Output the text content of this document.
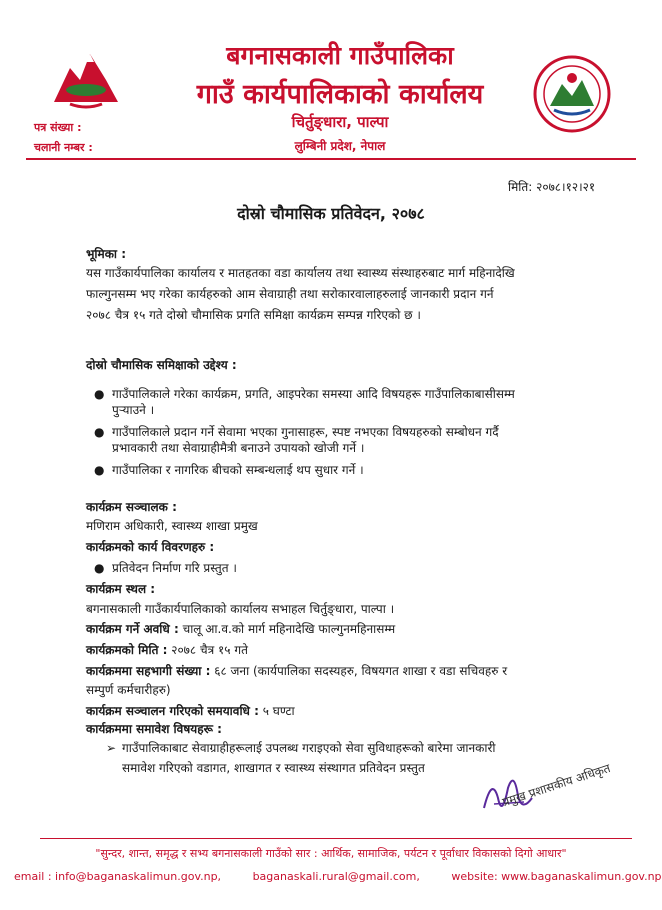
बगनासकाली गाउँपालिका
गाउँ कार्यपालिकाको कार्यालय
चिर्तुङ्धारा, पाल्पा
लुम्बिनी प्रदेश, नेपाल
पत्र संख्या :
चलानी नम्बर :
मिति: २०७८।१२।२१
दोस्रो चौमासिक प्रतिवेदन, २०७८
भूमिका :
यस गाउँकार्यपालिका कार्यालय र मातहतका वडा कार्यालय तथा स्वास्थ्य संस्थाहरुबाट मार्ग महिनादेखि
फाल्गुनसम्म भए गरेका कार्यहरुको आम सेवाग्राही तथा सरोकारवालाहरुलाई जानकारी प्रदान गर्न
२०७८ चैत्र १५ गते दोस्रो चौमासिक प्रगति समिक्षा कार्यक्रम सम्पन्न गरिएको छ ।
दोस्रो चौमासिक समिक्षाको उद्देश्य :
● गाउँपालिकाले गरेका कार्यक्रम, प्रगति, आइपरेका समस्या आदि विषयहरू गाउँपालिकाबासीसम्म
पुऱ्याउने ।
● गाउँपालिकाले प्रदान गर्ने सेवामा भएका गुनासाहरू, स्पष्ट नभएका विषयहरुको सम्बोधन गर्दै
प्रभावकारी तथा सेवाग्राहीमैत्री बनाउने उपायको खोजी गर्ने ।
● गाउँपालिका र नागरिक बीचको सम्बन्धलाई थप सुधार गर्ने ।
कार्यक्रम सञ्चालक :
मणिराम अधिकारी, स्वास्थ्य शाखा प्रमुख
कार्यक्रमको कार्य विवरणहरु :
● प्रतिवेदन निर्माण गरि प्रस्तुत ।
कार्यक्रम स्थल :
बगनासकाली गाउँकार्यपालिकाको कार्यालय सभाहल चिर्तुङ्धारा, पाल्पा ।
कार्यक्रम गर्ने अवधि : चालू आ.व.को मार्ग महिनादेखि फाल्गुनमहिनासम्म
कार्यक्रमको मिति : २०७८ चैत्र १५ गते
कार्यक्रममा सहभागी संख्या : ६८ जना (कार्यपालिका सदस्यहरु, विषयगत शाखा र वडा सचिवहरु र
सम्पुर्ण कर्मचारीहरु)
कार्यक्रम सञ्चालन गरिएको समयावधि : ५ घण्टा
कार्यक्रममा समावेश विषयहरू :
➢ गाउँपालिकाबाट सेवाग्राहीहरूलाई उपलब्ध गराइएको सेवा सुविधाहरूको बारेमा जानकारी
समावेश गरिएको वडागत, शाखागत र स्वास्थ्य संस्थागत प्रतिवेदन प्रस्तुत	प्रमुख प्रशासकीय अधिकृत
"सुन्दर, शान्त, समृद्ध र सभ्य बगनासकाली गाउँको सार : आर्थिक, सामाजिक, पर्यटन र पूर्वाधार विकासको दिगो आधार"
email : info@baganaskalimun.gov.np,	baganaskali.rural@gmail.com,	website: www.baganaskalimun.gov.np
